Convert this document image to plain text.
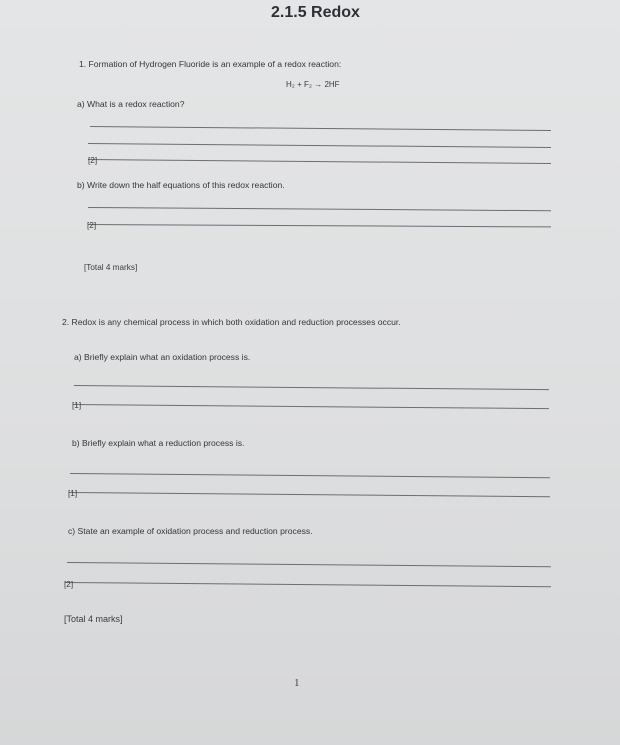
2.1.5 Redox
1. Formation of Hydrogen Fluoride is an example of a redox reaction:
H₂ + F₂ → 2HF
a) What is a redox reaction?
[2]
b) Write down the half equations of this redox reaction.
[2]
[Total 4 marks]
2. Redox is any chemical process in which both oxidation and reduction processes occur.
a) Briefly explain what an oxidation process is.
[1]
b) Briefly explain what a reduction process is.
[1]
c) State an example of oxidation process and reduction process.
[2]
[Total 4 marks]
1
